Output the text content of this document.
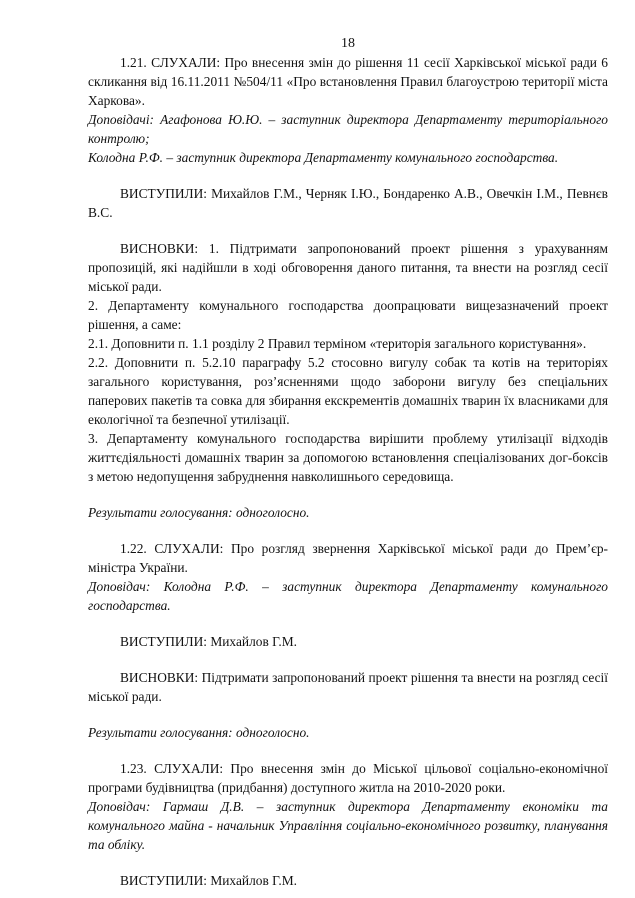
18

1.21. СЛУХАЛИ: Про внесення змін до рішення 11 сесії Харківської міської ради 6 скликання від 16.11.2011 №504/11 «Про встановлення Правил благоустрою території міста Харкова».

Доповідачі: Агафонова Ю.Ю. – заступник директора Департаменту територіального контролю;

Колодна Р.Ф. – заступник директора Департаменту комунального господарства.

ВИСТУПИЛИ: Михайлов Г.М., Черняк І.Ю., Бондаренко А.В., Овечкін І.М., Певнєв В.С.

ВИСНОВКИ: 1. Підтримати запропонований проект рішення з урахуванням пропозицій, які надійшли в ході обговорення даного питання, та внести на розгляд сесії міської ради.

2. Департаменту комунального господарства доопрацювати вищезазначений проект рішення, а саме:

2.1. Доповнити п. 1.1 розділу 2 Правил терміном «територія загального користування».

2.2. Доповнити п. 5.2.10 параграфу 5.2 стосовно вигулу собак та котів на територіях загального користування, роз’ясненнями щодо заборони вигулу без спеціальних паперових пакетів та совка для збирання екскрементів домашніх тварин їх власниками для екологічної та безпечної утилізації.

3. Департаменту комунального господарства вирішити проблему утилізації відходів життєдіяльності домашніх тварин за допомогою встановлення спеціалізованих дог-боксів з метою недопущення забруднення навколишнього середовища.

Результати голосування: одноголосно.

1.22. СЛУХАЛИ: Про розгляд звернення Харківської міської ради до Прем’єр-міністра України.

Доповідач: Колодна Р.Ф. – заступник директора Департаменту комунального господарства.

ВИСТУПИЛИ: Михайлов Г.М.

ВИСНОВКИ: Підтримати запропонований проект рішення та внести на розгляд сесії міської ради.

Результати голосування: одноголосно.

1.23. СЛУХАЛИ: Про внесення змін до Міської цільової соціально-економічної програми будівництва (придбання) доступного житла на 2010-2020 роки.

Доповідач: Гармаш Д.В. – заступник директора Департаменту економіки та комунального майна - начальник Управління соціально-економічного розвитку, планування та обліку.

ВИСТУПИЛИ: Михайлов Г.М.
